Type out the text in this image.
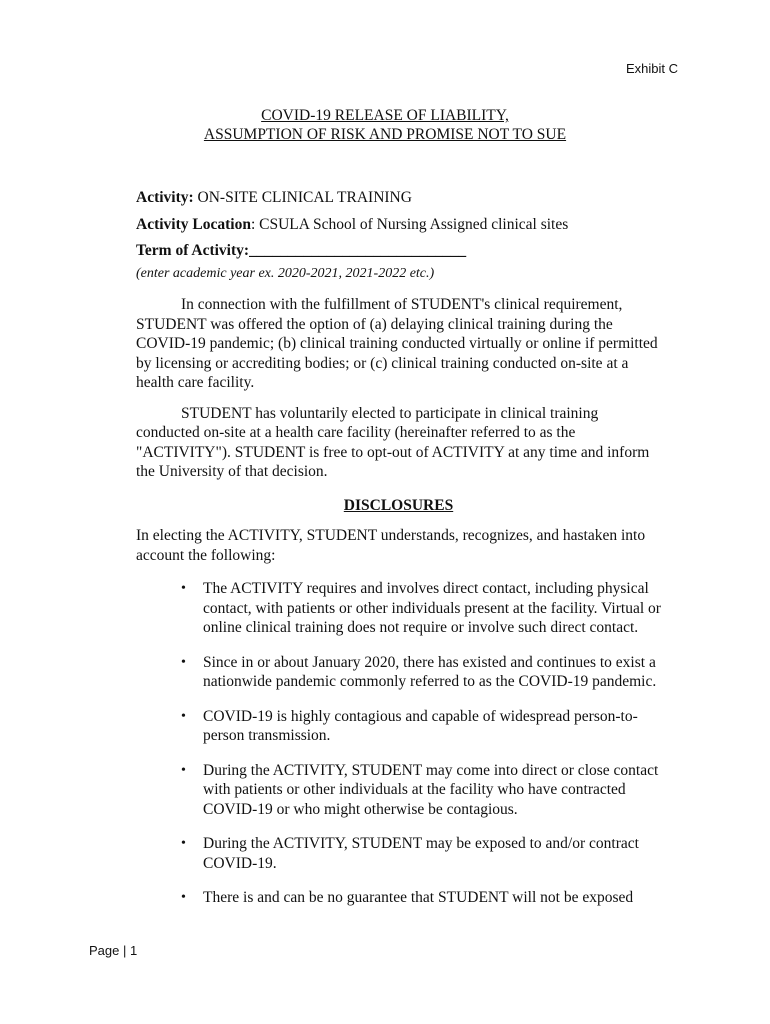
Exhibit C
COVID-19 RELEASE OF LIABILITY,
ASSUMPTION OF RISK AND PROMISE NOT TO SUE

Activity: ON-SITE CLINICAL TRAINING

Activity Location: CSULA School of Nursing Assigned clinical sites

Term of Activity:____________________________

(enter academic year ex. 2020-2021, 2021-2022 etc.)

In connection with the fulfillment of STUDENT's clinical requirement, STUDENT was offered the option of (a) delaying clinical training during the COVID-19 pandemic; (b) clinical training conducted virtually or online if permitted by licensing or accrediting bodies; or (c) clinical training conducted on-site at a health care facility.

STUDENT has voluntarily elected to participate in clinical training conducted on-site at a health care facility (hereinafter referred to as the "ACTIVITY"). STUDENT is free to opt-out of ACTIVITY at any time and inform the University of that decision.

DISCLOSURES

In electing the ACTIVITY, STUDENT understands, recognizes, and hastaken into account the following:

• The ACTIVITY requires and involves direct contact, including physical contact, with patients or other individuals present at the facility. Virtual or online clinical training does not require or involve such direct contact.
• Since in or about January 2020, there has existed and continues to exist a nationwide pandemic commonly referred to as the COVID-19 pandemic.
• COVID-19 is highly contagious and capable of widespread person-to-person transmission.
• During the ACTIVITY, STUDENT may come into direct or close contact with patients or other individuals at the facility who have contracted COVID-19 or who might otherwise be contagious.
• During the ACTIVITY, STUDENT may be exposed to and/or contract COVID-19.
• There is and can be no guarantee that STUDENT will not be exposed
Page | 1
